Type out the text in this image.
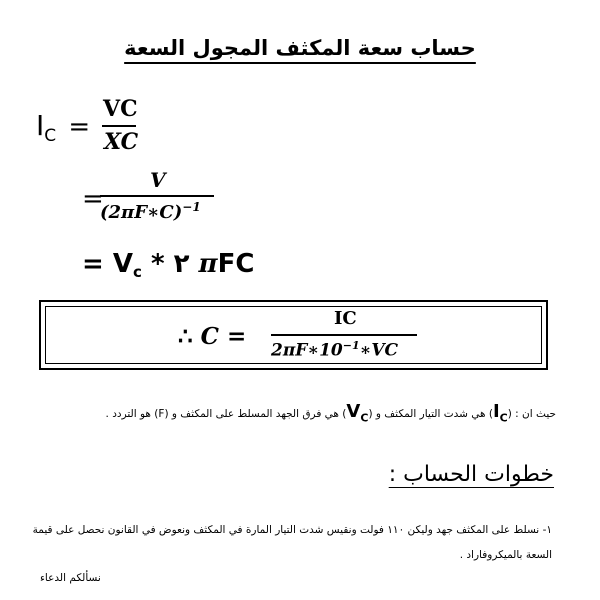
حساب سعة المكثف المجول السعة
$I_C$ =
VC
XC
=
V
(2πF∗C)$^{-1}$
= Vc * ٢ πFC
∴ C =
IC
$2\pi F∗10^{-1}∗VC$
حيث ان : $(I_C)$ هي شدت التيار المكثف و $(V_C)$ هي فرق الجهد المسلط على المكثف و (F) هو التردد .
خطوات الحساب :
١- نسلط على المكثف جهد وليكن ١١٠ فولت ونقيس شدت التيار المارة في المكثف ونعوض في القانون نحصل على قيمة السعة بالميكروفاراد .
نسألكم الدعاء
